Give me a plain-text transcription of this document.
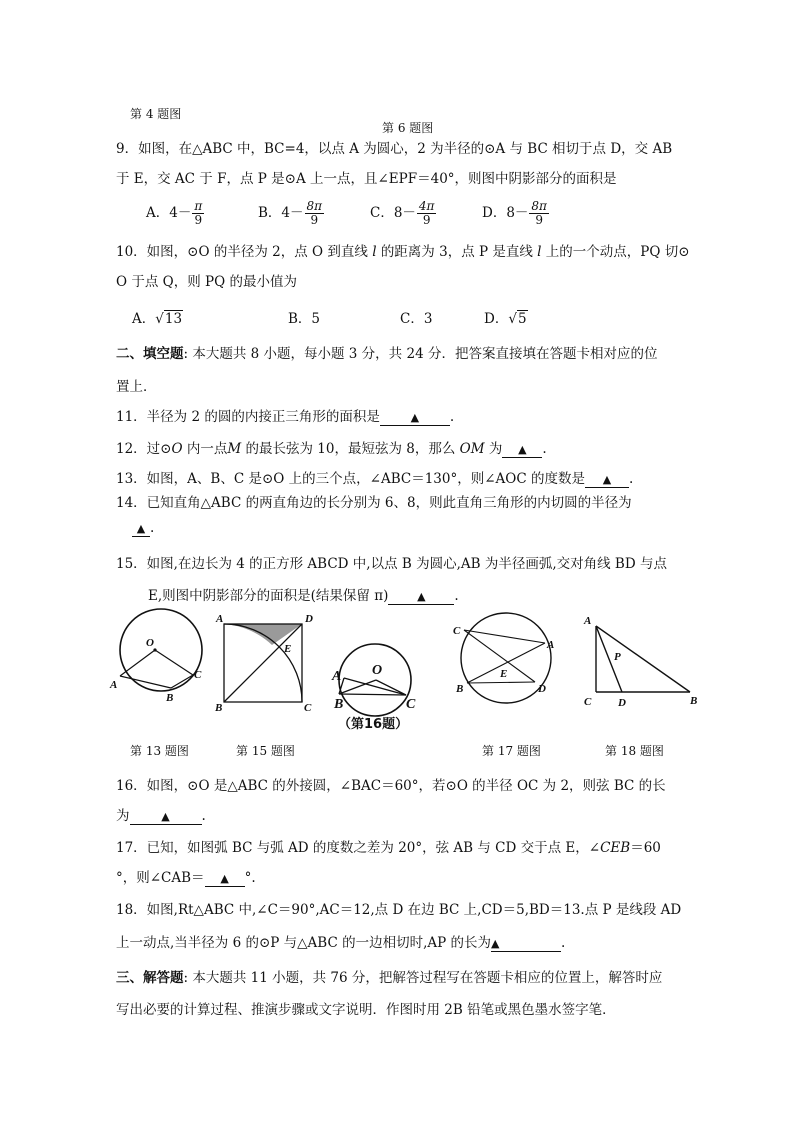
第 4 题图
第 6 题图
9．如图，在△ABC 中，BC=4，以点 A 为圆心，2 为半径的⊙A 与 BC 相切于点 D，交 AB
于 E，交 AC 于 F，点 P 是⊙A 上一点，且∠EPF＝40°，则图中阴影部分的面积是
A．$4- \frac{\pi}{9}$	B．$4- \frac{8\pi}{9}$	C．$8- \frac{4\pi}{9}$	D．$8- \frac{8\pi}{9}$
10．如图，⊙O 的半径为 2，点 O 到直线 l 的距离为 3，点 P 是直线 l 上的一个动点，PQ 切⊙
O 于点 Q，则 PQ 的最小值为
A．√13	B．5	C．3	D．√5
二、填空题: 本大题共 8 小题，每小题 3 分，共 24 分．把答案直接填在答题卡相对应的位
置上．
11．半径为 2 的圆的内接正三角形的面积是	▲ .
12．过⊙O 内一点M 的最长弦为 10，最短弦为 8，那么 OM 为 ▲ .
13．如图，A、B、C 是⊙O 上的三个点，∠ABC＝130°，则∠AOC 的度数是 ▲ .
14．已知直角△ABC 的两直角边的长分别为 6、8，则此直角三角形的内切圆的半径为
▲ .
15．如图,在边长为 4 的正方形 ABCD 中,以点 B 为圆心,AB 为半径画弧,交对角线 BD 与点
E,则图中阴影部分的面积是(结果保留 π)	▲ .
O
A
B
C
A	D
E
B	C
A O
B	C
（第16题）
C
A
E
B	D
A
P
C D	B
第 13 题图	第 15 题图	第 17 题图	第 18 题图
16．如图，⊙O 是△ABC 的外接圆，∠BAC＝60°，若⊙O 的半径 OC 为 2，则弦 BC 的长
为	▲ .
17．已知，如图弧 BC 与弧 AD 的度数之差为 20°，弦 AB 与 CD 交于点 E，∠CEB＝60
°，则∠CAB＝ ▲ °.
18．如图,Rt△ABC 中,∠C＝90°,AC＝12,点 D 在边 BC 上,CD＝5,BD＝13.点 P 是线段 AD
上一动点,当半径为 6 的⊙P 与△ABC 的一边相切时,AP 的长为▲	.
三、解答题: 本大题共 11 小题，共 76 分，把解答过程写在答题卡相应的位置上，解答时应
写出必要的计算过程、推演步骤或文字说明．作图时用 2B 铅笔或黑色墨水签字笔．
